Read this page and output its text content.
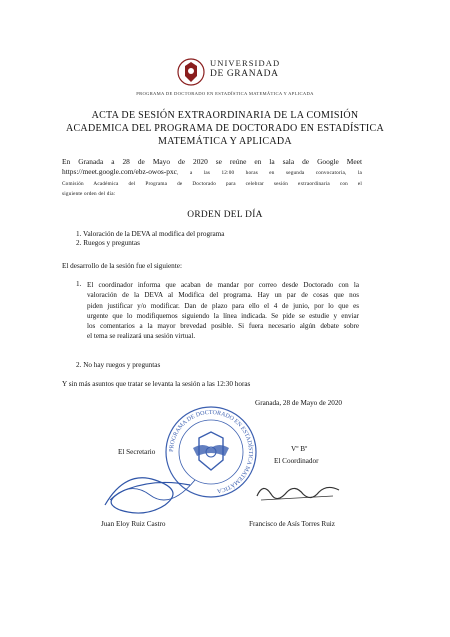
UNIVERSIDAD
DE GRANADA
PROGRAMA DE DOCTORADO EN ESTADÍSTICA MATEMÁTICA Y APLICADA
ACTA DE SESIÓN EXTRAORDINARIA DE LA COMISIÓN
ACADEMICA DEL PROGRAMA DE DOCTORADO EN ESTADÍSTICA
MATEMÁTICA Y APLICADA
En Granada a 28 de Mayo de 2020 se reúne en la sala de Google Meet
https://meet.google.com/ebz-owos-pxc, a las 12:00 horas en segunda convocatoria, la
Comisión Académica del Programa de Doctorado para celebrar sesión extraordinaria con el
siguiente orden del día:
ORDEN DEL DÍA
1. Valoración de la DEVA al modifica del programa
2. Ruegos y preguntas
El desarrollo de la sesión fue el siguiente:
1. El coordinador informa que acaban de mandar por correo desde Doctorado con la
valoración de la DEVA al Modifica del programa. Hay un par de cosas que nos
piden justificar y/o modificar. Dan de plazo para ello el 4 de junio, por lo que es
urgente que lo modifiquemos siguiendo la línea indicada. Se pide se estudie y enviar
los comentarios a la mayor brevedad posible. Si fuera necesario algún debate sobre
el tema se realizará una sesión virtual.
2. No hay ruegos y preguntas
Y sin más asuntos que tratar se levanta la sesión a las 12:30 horas
Granada, 28 de Mayo de 2020
PROGRAMA DE DOCTORADO EN ESTADÍSTICA MATEMÁTICA
El Secretario	Vº Bº
El Coordinador
Juan Eloy Ruiz Castro	Francisco de Asís Torres Ruiz
